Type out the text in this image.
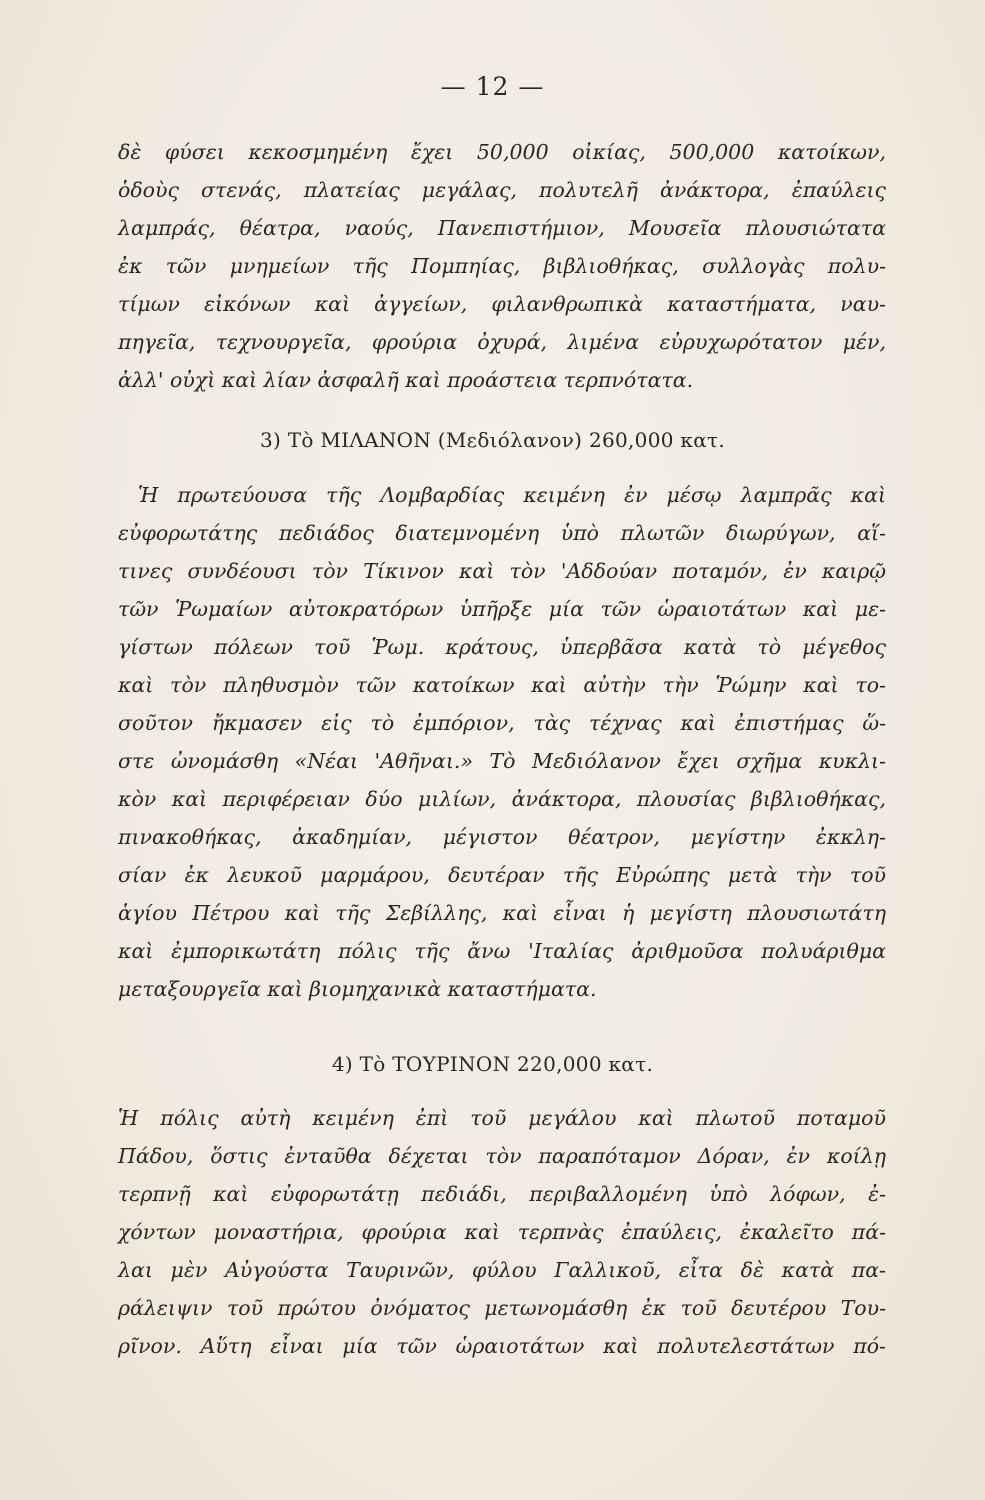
— 12 —
δὲ φύσει κεκοσμημένη ἔχει 50,000 οἰκίας, 500,000 κατοίκων,
ὁδοὺς στενάς, πλατείας μεγάλας, πολυτελῆ ἀνάκτορα, ἐπαύλεις
λαμπράς, θέατρα, ναούς, Πανεπιστήμιον, Μουσεῖα πλουσιώτατα
ἐκ τῶν μνημείων τῆς Πομπηίας, βιβλιοθήκας, συλλογὰς πολυ-
τίμων εἰκόνων καὶ ἀγγείων, φιλανθρωπικὰ καταστήματα, ναυ-
πηγεῖα, τεχνουργεῖα, φρούρια ὀχυρά, λιμένα εὐρυχωρότατον μέν,
ἀλλ' οὐχὶ καὶ λίαν ἀσφαλῆ καὶ προάστεια τερπνότατα.
3) Τὸ ΜΙΛΑΝΟΝ (Μεδιόλανον) 260,000 κατ.
Ἡ πρωτεύουσα τῆς Λομβαρδίας κειμένη ἐν μέσῳ λαμπρᾶς καὶ
εὐφορωτάτης πεδιάδος διατεμνομένη ὑπὸ πλωτῶν διωρύγων, αἵ-
τινες συνδέουσι τὸν Τίκινον καὶ τὸν 'Αδδούαν ποταμόν, ἐν καιρῷ
τῶν Ῥωμαίων αὐτοκρατόρων ὑπῆρξε μία τῶν ὡραιοτάτων καὶ με-
γίστων πόλεων τοῦ Ῥωμ. κράτους, ὑπερβᾶσα κατὰ τὸ μέγεθος
καὶ τὸν πληθυσμὸν τῶν κατοίκων καὶ αὐτὴν τὴν Ῥώμην καὶ το-
σοῦτον ἤκμασεν εἰς τὸ ἐμπόριον, τὰς τέχνας καὶ ἐπιστήμας ὥ-
στε ὠνομάσθη «Νέαι 'Αθῆναι.» Τὸ Μεδιόλανον ἔχει σχῆμα κυκλι-
κὸν καὶ περιφέρειαν δύο μιλίων, ἀνάκτορα, πλουσίας βιβλιοθήκας,
πινακοθήκας, ἀκαδημίαν, μέγιστον θέατρον, μεγίστην ἐκκλη-
σίαν ἐκ λευκοῦ μαρμάρου, δευτέραν τῆς Εὐρώπης μετὰ τὴν τοῦ
ἁγίου Πέτρου καὶ τῆς Σεβίλλης, καὶ εἶναι ἡ μεγίστη πλουσιωτάτη
καὶ ἐμπορικωτάτη πόλις τῆς ἄνω 'Ιταλίας ἀριθμοῦσα πολυάριθμα
μεταξουργεῖα καὶ βιομηχανικὰ καταστήματα.
4) Τὸ ΤΟΥΡΙΝΟΝ 220,000 κατ.
Ἡ πόλις αὐτὴ κειμένη ἐπὶ τοῦ μεγάλου καὶ πλωτοῦ ποταμοῦ
Πάδου, ὅστις ἐνταῦθα δέχεται τὸν παραπόταμον Δόραν, ἐν κοίλῃ
τερπνῇ καὶ εὐφορωτάτῃ πεδιάδι, περιβαλλομένη ὑπὸ λόφων, ἐ-
χόντων μοναστήρια, φρούρια καὶ τερπνὰς ἐπαύλεις, ἐκαλεῖτο πά-
λαι μὲν Αὐγούστα Ταυρινῶν, φύλου Γαλλικοῦ, εἶτα δὲ κατὰ πα-
ράλειψιν τοῦ πρώτου ὀνόματος μετωνομάσθη ἐκ τοῦ δευτέρου Του-
ρῖνον. Αὕτη εἶναι μία τῶν ὡραιοτάτων καὶ πολυτελεστάτων πό-
